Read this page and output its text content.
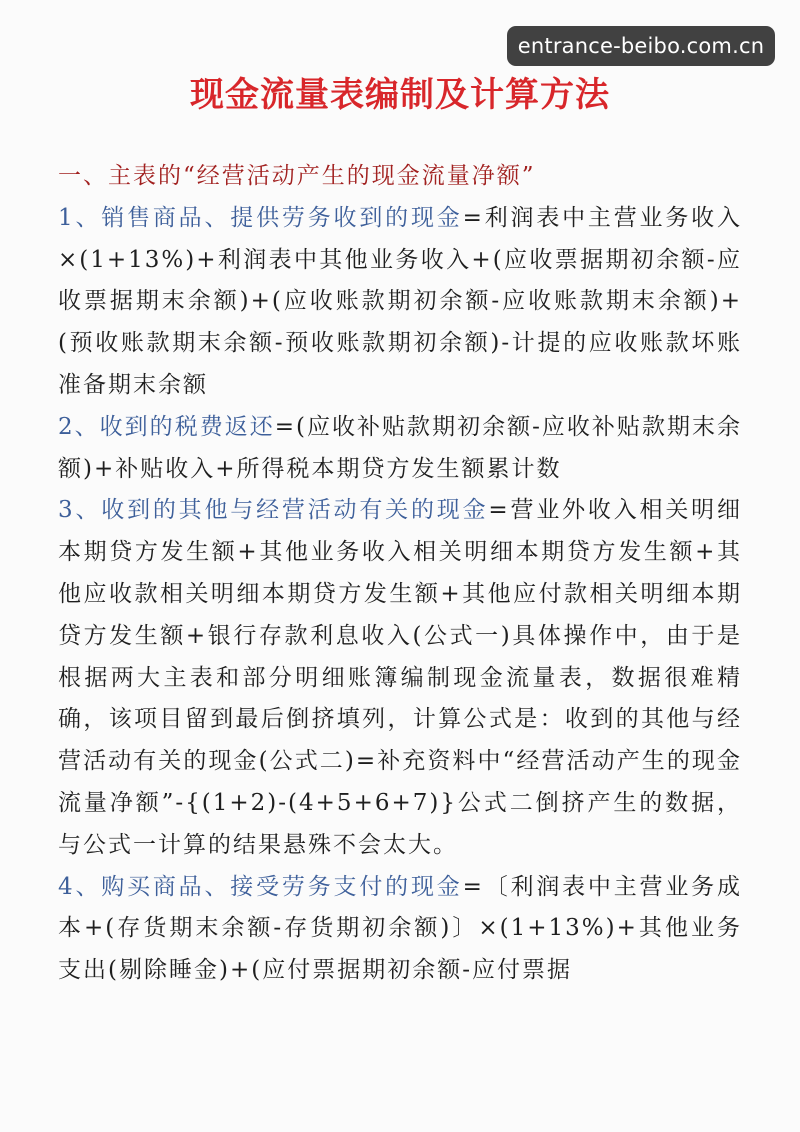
entrance-beibo.com.cn
现金流量表编制及计算方法

一、主表的“经营活动产生的现金流量净额”

1、销售商品、提供劳务收到的现金=利润表中主营业务收入×(1+13%)+利润表中其他业务收入+(应收票据期初余额-应收票据期末余额)+(应收账款期初余额-应收账款期末余额)+(预收账款期末余额-预收账款期初余额)-计提的应收账款坏账准备期末余额

2、收到的税费返还=(应收补贴款期初余额-应收补贴款期末余额)+补贴收入+所得税本期贷方发生额累计数

3、收到的其他与经营活动有关的现金=营业外收入相关明细本期贷方发生额+其他业务收入相关明细本期贷方发生额+其他应收款相关明细本期贷方发生额+其他应付款相关明细本期贷方发生额+银行存款利息收入(公式一)具体操作中，由于是根据两大主表和部分明细账簿编制现金流量表，数据很难精确，该项目留到最后倒挤填列，计算公式是：收到的其他与经营活动有关的现金(公式二)=补充资料中“经营活动产生的现金流量净额”-{(1+2)-(4+5+6+7)}公式二倒挤产生的数据，与公式一计算的结果悬殊不会太大。

4、购买商品、接受劳务支付的现金=〔利润表中主营业务成本+(存货期末余额-存货期初余额)〕×(1+13%)+其他业务支出(剔除睡金)+(应付票据期初余额-应付票据
